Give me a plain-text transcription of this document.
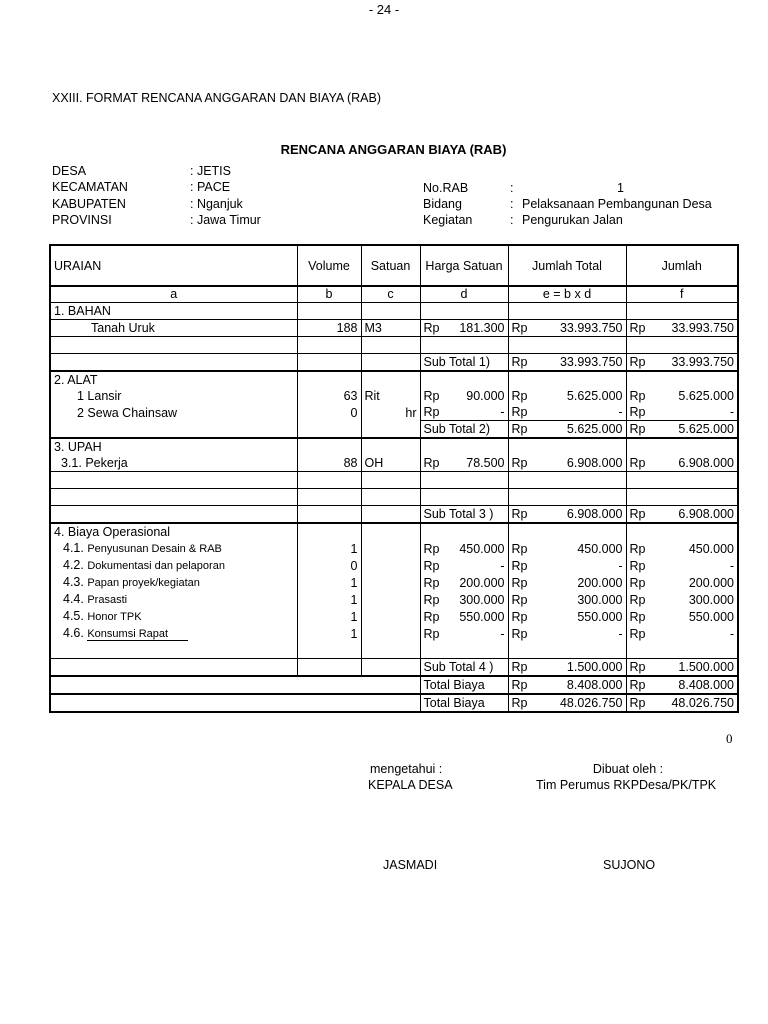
- 24 -
XXIII. FORMAT RENCANA ANGGARAN DAN BIAYA (RAB)
RENCANA ANGGARAN BIAYA (RAB)
DESA	: JETIS
KECAMATAN	: PACE
KABUPATEN	: Nganjuk
PROVINSI	: Jawa Timur
No.RAB	:	1
Bidang	: Pelaksanaan Pembangunan Desa
Kegiatan	: Pengurukan Jalan
URAIAN	Volume	Satuan	Harga Satuan	Jumlah Total	Jumlah
a	b	c	d	e = b x d	f
1. BAHAN					
Tanah Uruk	188	M3	Rp 181.300	Rp 33.993.750	Rp 33.993.750

			Sub Total 1)	Rp 33.993.750	Rp 33.993.750

2. ALAT					
1 Lansir	63	Rit	Rp 90.000	Rp 5.625.000	Rp 5.625.000

2 Sewa Chainsaw	0	hr	Rp -	Rp -	Rp -

			Sub Total 2)	Rp 5.625.000	Rp 5.625.000

3. UPAH					
3.1. Pekerja	88	OH	Rp 78.500	Rp 6.908.000	Rp 6.908.000

			Sub Total 3 )	Rp 6.908.000	Rp 6.908.000

4. Biaya Operasional					
4.1. Penyusunan Desain & RAB	1		Rp 450.000	Rp 450.000	Rp 450.000

4.2. Dokumentasi dan pelaporan	0		Rp -	Rp -	Rp -

4.3. Papan proyek/kegiatan	1		Rp 200.000	Rp 200.000	Rp 200.000

4.4. Prasasti	1		Rp 300.000	Rp 300.000	Rp 300.000

4.5. Honor TPK	1		Rp 550.000	Rp 550.000	Rp 550.000

4.6. Konsumsi Rapat	1		Rp -	Rp -	Rp -

			Sub Total 4 )	Rp 1.500.000	Rp 1.500.000

			Total Biaya	Rp 8.408.000	Rp 8.408.000

			Total Biaya	Rp 48.026.750	Rp 48.026.750
0
mengetahui :
KEPALA DESA
JASMADI
Dibuat oleh :
Tim Perumus RKPDesa/PK/TPK
SUJONO
